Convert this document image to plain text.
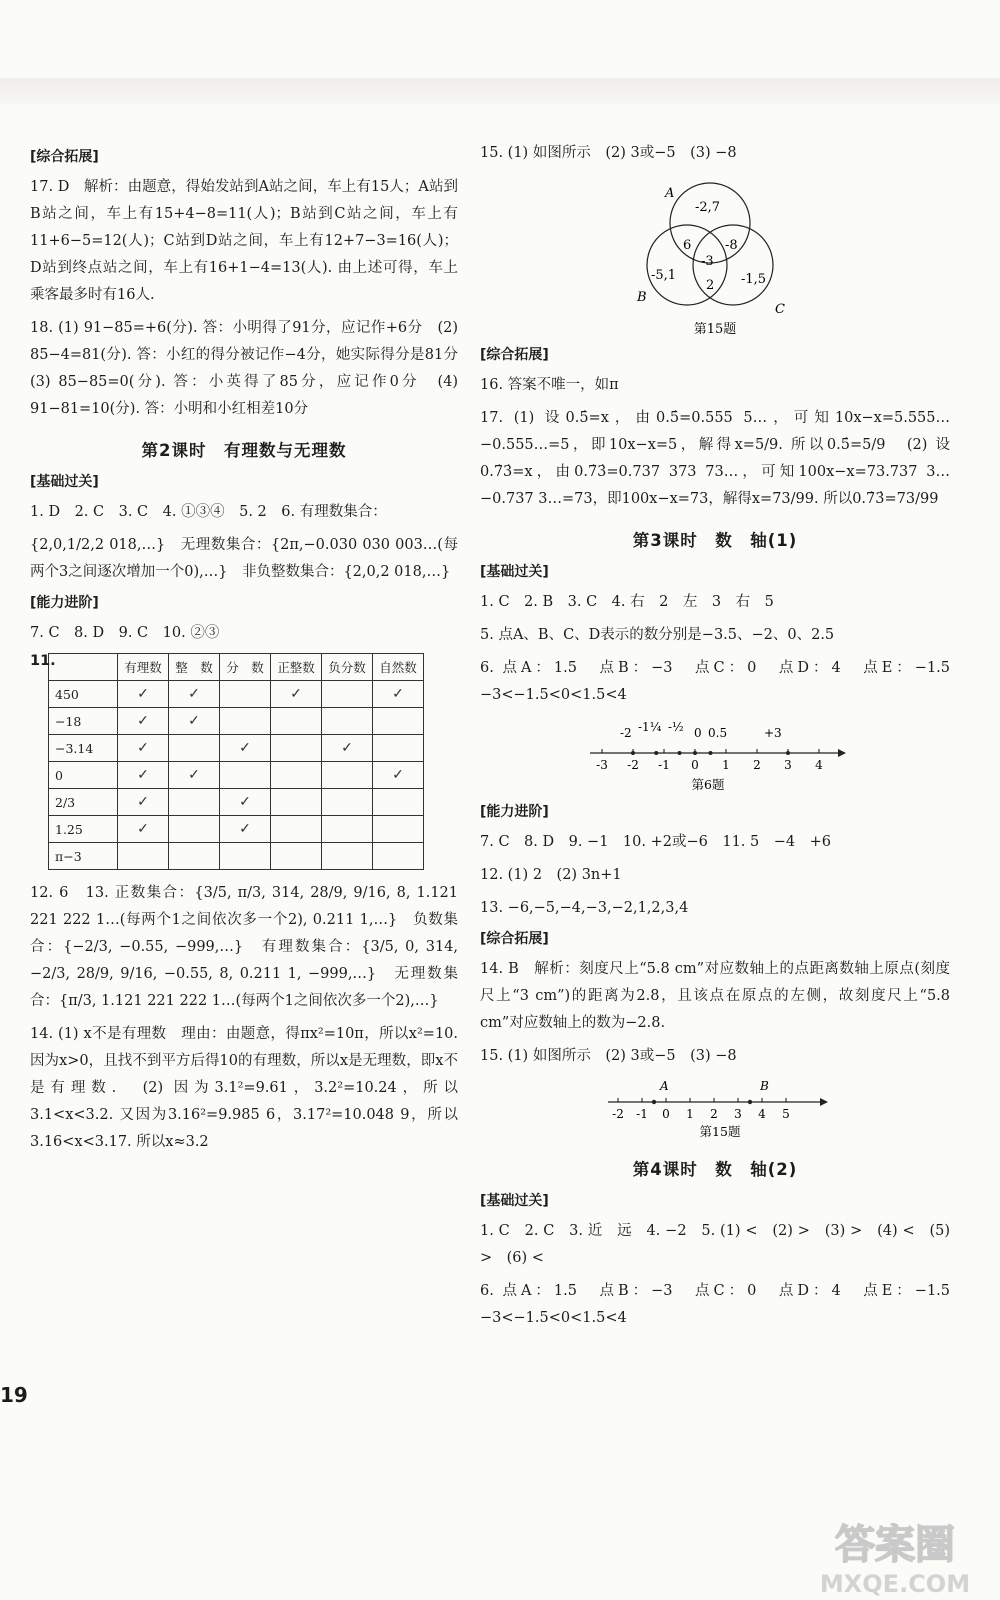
[综合拓展]
17. D　解析：由题意，得始发站到A站之间，车上有15人；A站到B站之间，车上有15+4−8=11(人)；B站到C站之间，车上有11+6−5=12(人)；C站到D站之间，车上有12+7−3=16(人)；D站到终点站之间，车上有16+1−4=13(人). 由上述可得，车上乘客最多时有16人.
18. (1) 91−85=+6(分). 答：小明得了91分，应记作+6分　(2) 85−4=81(分). 答：小红的得分被记作−4分，她实际得分是81分　(3) 85−85=0(分). 答：小英得了85分，应记作0分　(4) 91−81=10(分). 答：小明和小红相差10分
第2课时　有理数与无理数
[基础过关]
1. D　2. C　3. C　4. ①③④　5. 2　6. 有理数集合：
{2,0,1/2,2 018,…}　无理数集合：{2π,−0.030 030 003…(每两个3之间逐次增加一个0),…}　非负整数集合：{2,0,2 018,…}
[能力进阶]
7. C　8. D　9. C　10. ②③
11.
		有理数	整　数	分　数	正整数	负分数	自然数
450	✓	✓		✓		✓
−18	✓	✓				
−3.14	✓		✓		✓	
0	✓	✓				✓
2/3	✓		✓			
1.25	✓		✓			
π−3						
12. 6　13. 正数集合：{3/5, π/3, 314, 28/9, 9/16, 8, 1.121 221 222 1…(每两个1之间依次多一个2), 0.211 1,…}　负数集合：{−2/3, −0.55, −999,…}　有理数集合：{3/5, 0, 314, −2/3, 28/9, 9/16, −0.55, 8, 0.211 1, −999,…}　无理数集合：{π/3, 1.121 221 222 1…(每两个1之间依次多一个2),…}
14. (1) x不是有理数　理由：由题意，得πx²=10π，所以x²=10. 因为x>0，且找不到平方后得10的有理数，所以x是无理数，即x不是有理数.　(2) 因为3.1²=9.61，3.2²=10.24，所以3.1<x<3.2. 又因为3.16²=9.985 6，3.17²=10.048 9，所以3.16<x<3.17. 所以x≈3.2
15. (1) 如图所示　(2) 3或−5　(3) −8
A
B
C
-2,7
6	-8
-3
-5,1
2 -1,5
第15题
[综合拓展]
16. 答案不唯一，如π
17. (1) 设0.5̇=x，由0.5̇=0.555 5…，可知10x−x=5.555…−0.555…=5，即10x−x=5，解得x=5/9. 所以0.5̇=5/9　(2) 设0.7̇3̇=x，由0.7̇3̇=0.737 373 73…，可知100x−x=73.737 3…−0.737 3…=73，即100x−x=73，解得x=73/99. 所以0.7̇3̇=73/99
第3课时　数　轴(1)
[基础过关]
1. C　2. B　3. C　4. 右　2　左　3　右　5
5. 点A、B、C、D表示的数分别是−3.5、−2、0、2.5
6. 点A：1.5　点B：−3　点C：0　点D：4　点E：−1.5　−3<−1.5<0<1.5<4
-3 -2 -1 0 1 2 3 4
-2 -1¼ -½ 0 0.5	+3
第6题
[能力进阶]
7. C　8. D　9. −1　10. +2或−6　11. 5　−4　+6
12. (1) 2　(2) 3n+1
13. −6,−5,−4,−3,−2,1,2,3,4
[综合拓展]
14. B　解析：刻度尺上“5.8 cm”对应数轴上的点距离数轴上原点(刻度尺上“3 cm”)的距离为2.8，且该点在原点的左侧，故刻度尺上“5.8 cm”对应数轴上的数为−2.8.
15. (1) 如图所示　(2) 3或−5　(3) −8
-2 -1 0 1 2 3 4 5
A	B
第15题
第4课时　数　轴(2)
[基础过关]
1. C　2. C　3. 近　远　4. −2　5. (1) <　(2) >　(3) >　(4) <　(5) >　(6) <
6. 点A：1.5　点B：−3　点C：0　点D：4　点E：−1.5　−3<−1.5<0<1.5<4
19
答案圈
MXQE.COM
